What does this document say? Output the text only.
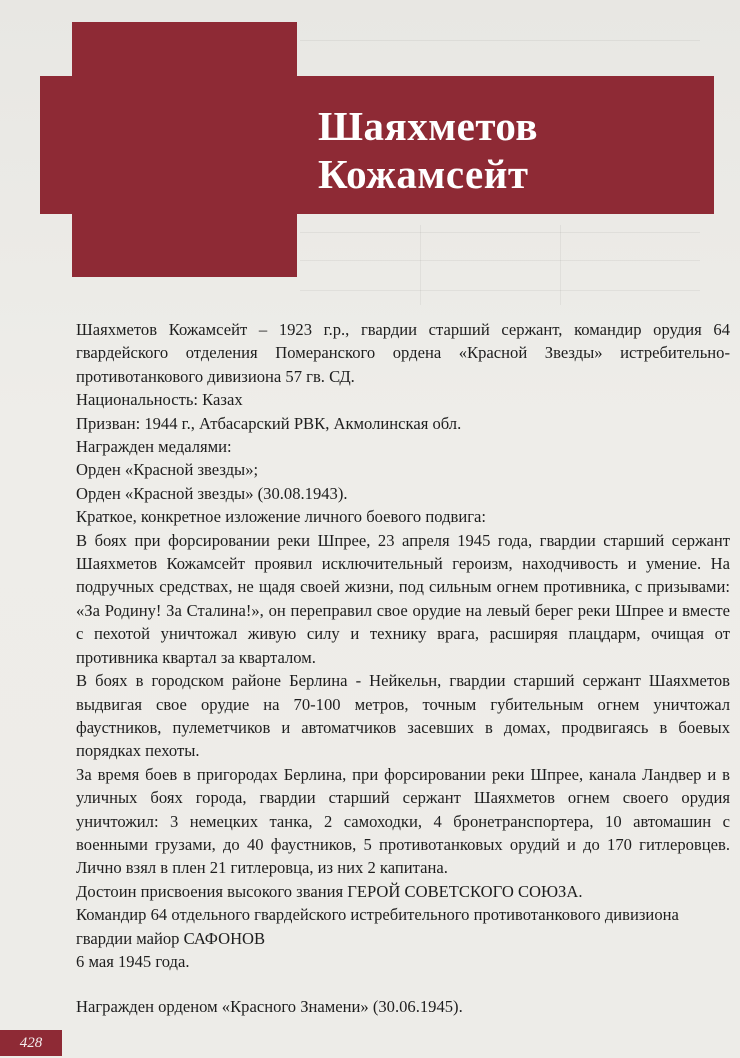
Шаяхметов
Кожамсейт

Шаяхметов Кожамсейт – 1923 г.р., гвардии старший сержант, командир орудия 64 гвардейского отделения Померанского ордена «Красной Звезды» истребительно-противотанкового дивизиона 57 гв. СД.

Национальность: Казах

Призван: 1944 г., Атбасарский РВК, Акмолинская обл.

Награжден медалями:

Орден «Красной звезды»;

Орден «Красной звезды» (30.08.1943).

Краткое, конкретное изложение личного боевого подвига:

В боях при форсировании реки Шпрее, 23 апреля 1945 года, гвардии старший сержант Шаяхметов Кожамсейт проявил исключительный героизм, находчивость и умение. На подручных средствах, не щадя своей жизни, под сильным огнем противника, с призывами: «За Родину! За Сталина!», он переправил свое орудие на левый берег реки Шпрее и вместе с пехотой уничтожал живую силу и технику врага, расширяя плацдарм, очищая от противника квартал за кварталом.

В боях в городском районе Берлина - Нейкельн, гвардии старший сержант Шаяхметов выдвигая свое орудие на 70-100 метров, точным губительным огнем уничтожал фаустников, пулеметчиков и автоматчиков засевших в домах, продвигаясь в боевых порядках пехоты.

За время боев в пригородах Берлина, при форсировании реки Шпрее, канала Ландвер и в уличных боях города, гвардии старший сержант Шаяхметов огнем своего орудия уничтожил: 3 немецких танка, 2 самоходки, 4 бронетранспортера, 10 автомашин с военными грузами, до 40 фаустников, 5 противотанковых орудий и до 170 гитлеровцев. Лично взял в плен 21 гитлеровца, из них 2 капитана.

Достоин присвоения высокого звания ГЕРОЙ СОВЕТСКОГО СОЮЗА.

Командир 64 отдельного гвардейского истребительного противотанкового дивизиона

гвардии майор САФОНОВ

6 мая 1945 года.

Награжден орденом «Красного Знамени» (30.06.1945).

428
